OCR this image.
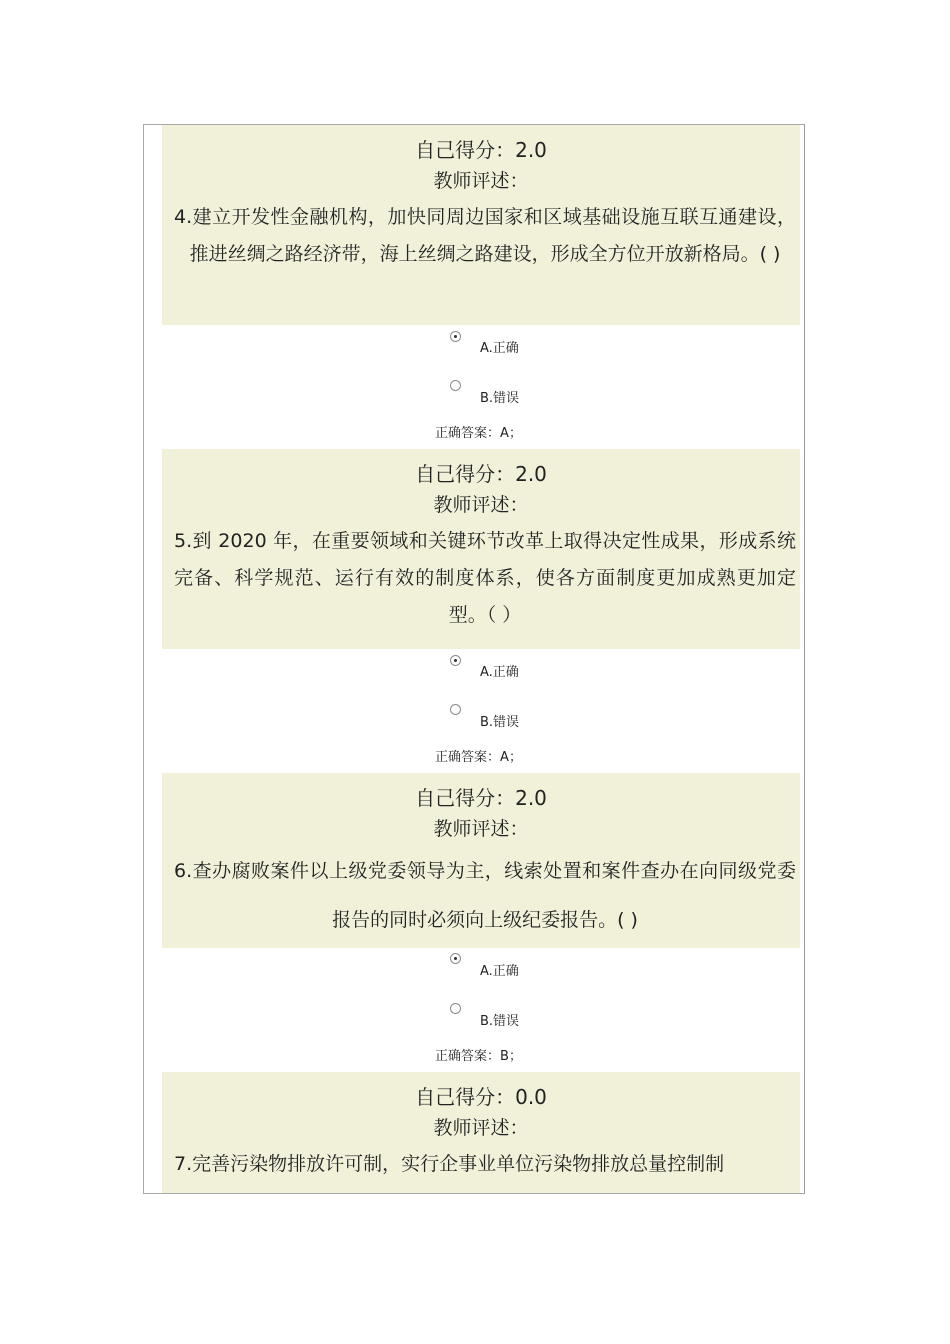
自己得分：2.0
教师评述：
4.建立开发性金融机构，加快同周边国家和区域基础设施互联互通建设，推进丝绸之路经济带，海上丝绸之路建设，形成全方位开放新格局。( )
A.正确
B.错误
正确答案：A；
自己得分：2.0
教师评述：
5.到 2020 年，在重要领域和关键环节改革上取得决定性成果，形成系统完备、科学规范、运行有效的制度体系，使各方面制度更加成熟更加定型。（ ）
A.正确
B.错误
正确答案：A；
自己得分：2.0
教师评述：
6.查办腐败案件以上级党委领导为主，线索处置和案件查办在向同级党委报告的同时必须向上级纪委报告。( )
A.正确
B.错误
正确答案：B；
自己得分：0.0
教师评述：
7.完善污染物排放许可制，实行企事业单位污染物排放总量控制制
